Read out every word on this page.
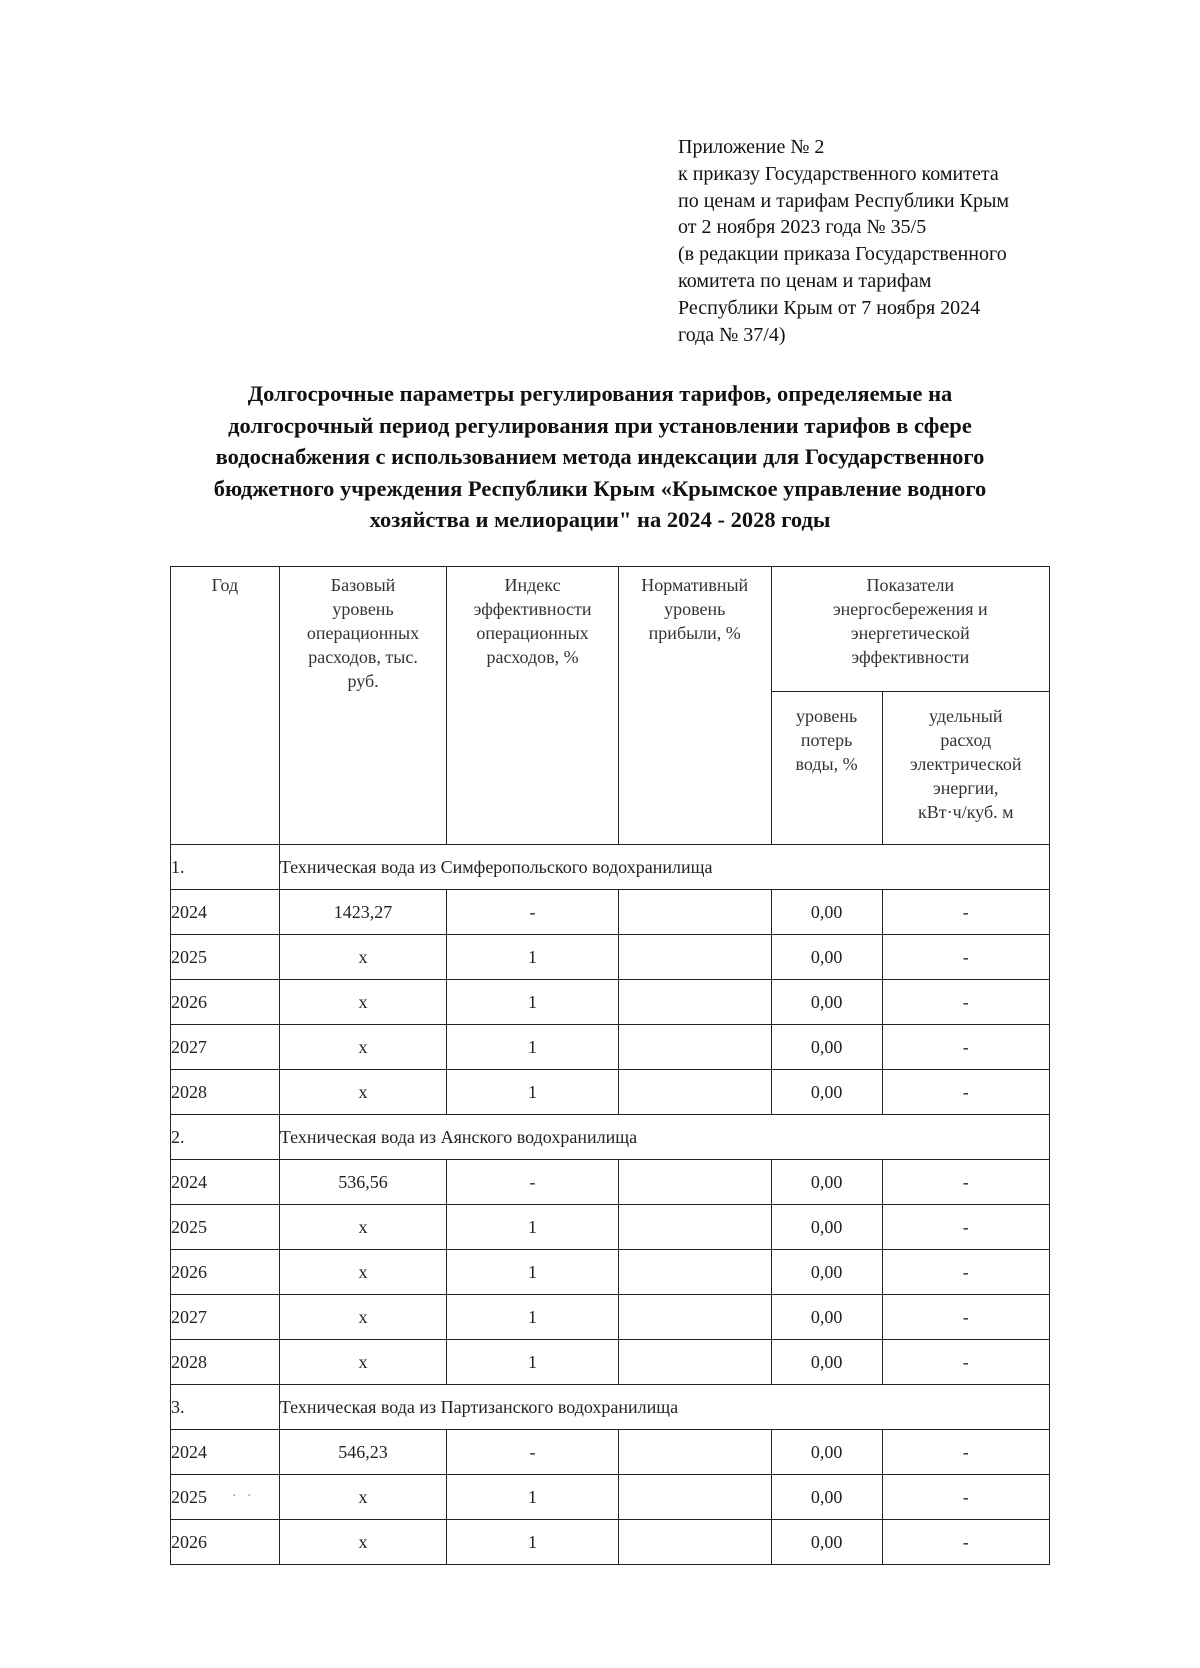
Приложение № 2
к приказу Государственного комитета
по ценам и тарифам Республики Крым
от 2 ноября 2023 года № 35/5
(в редакции приказа Государственного
комитета по ценам и тарифам
Республики Крым от 7 ноября 2024
года № 37/4)
Долгосрочные параметры регулирования тарифов, определяемые на
долгосрочный период регулирования при установлении тарифов в сфере
водоснабжения с использованием метода индексации для Государственного
бюджетного учреждения Республики Крым «Крымское управление водного
хозяйства и мелиорации" на 2024 - 2028 годы
Год
. .	Базовый
уровень
операционных
расходов, тыс.
руб.	Индекс
эффективности
операционных
расходов, %	Нормативный
уровень
прибыли, %	Показатели
энергосбережения и
энергетической
эффективности	

				уровень
потерь
воды, %	удельный
расход
электрической
энергии,
кВт·ч/куб. м

1.	Техническая вода из Симферопольского водохранилища				
2024	1423,27	-		0,00	-
2025	х	1		0,00	-
2026	х	1		0,00	-
2027	х	1		0,00	-
2028	х	1		0,00	-
2.	Техническая вода из Аянского водохранилища				
2024	536,56	-		0,00	-
2025	х	1		0,00	-
2026	х	1		0,00	-
2027	х	1		0,00	-
2028	х	1		0,00	-
3.	Техническая вода из Партизанского водохранилища				
2024	546,23	-		0,00	-
2025	х	1		0,00	-
2026	х	1		0,00	-
